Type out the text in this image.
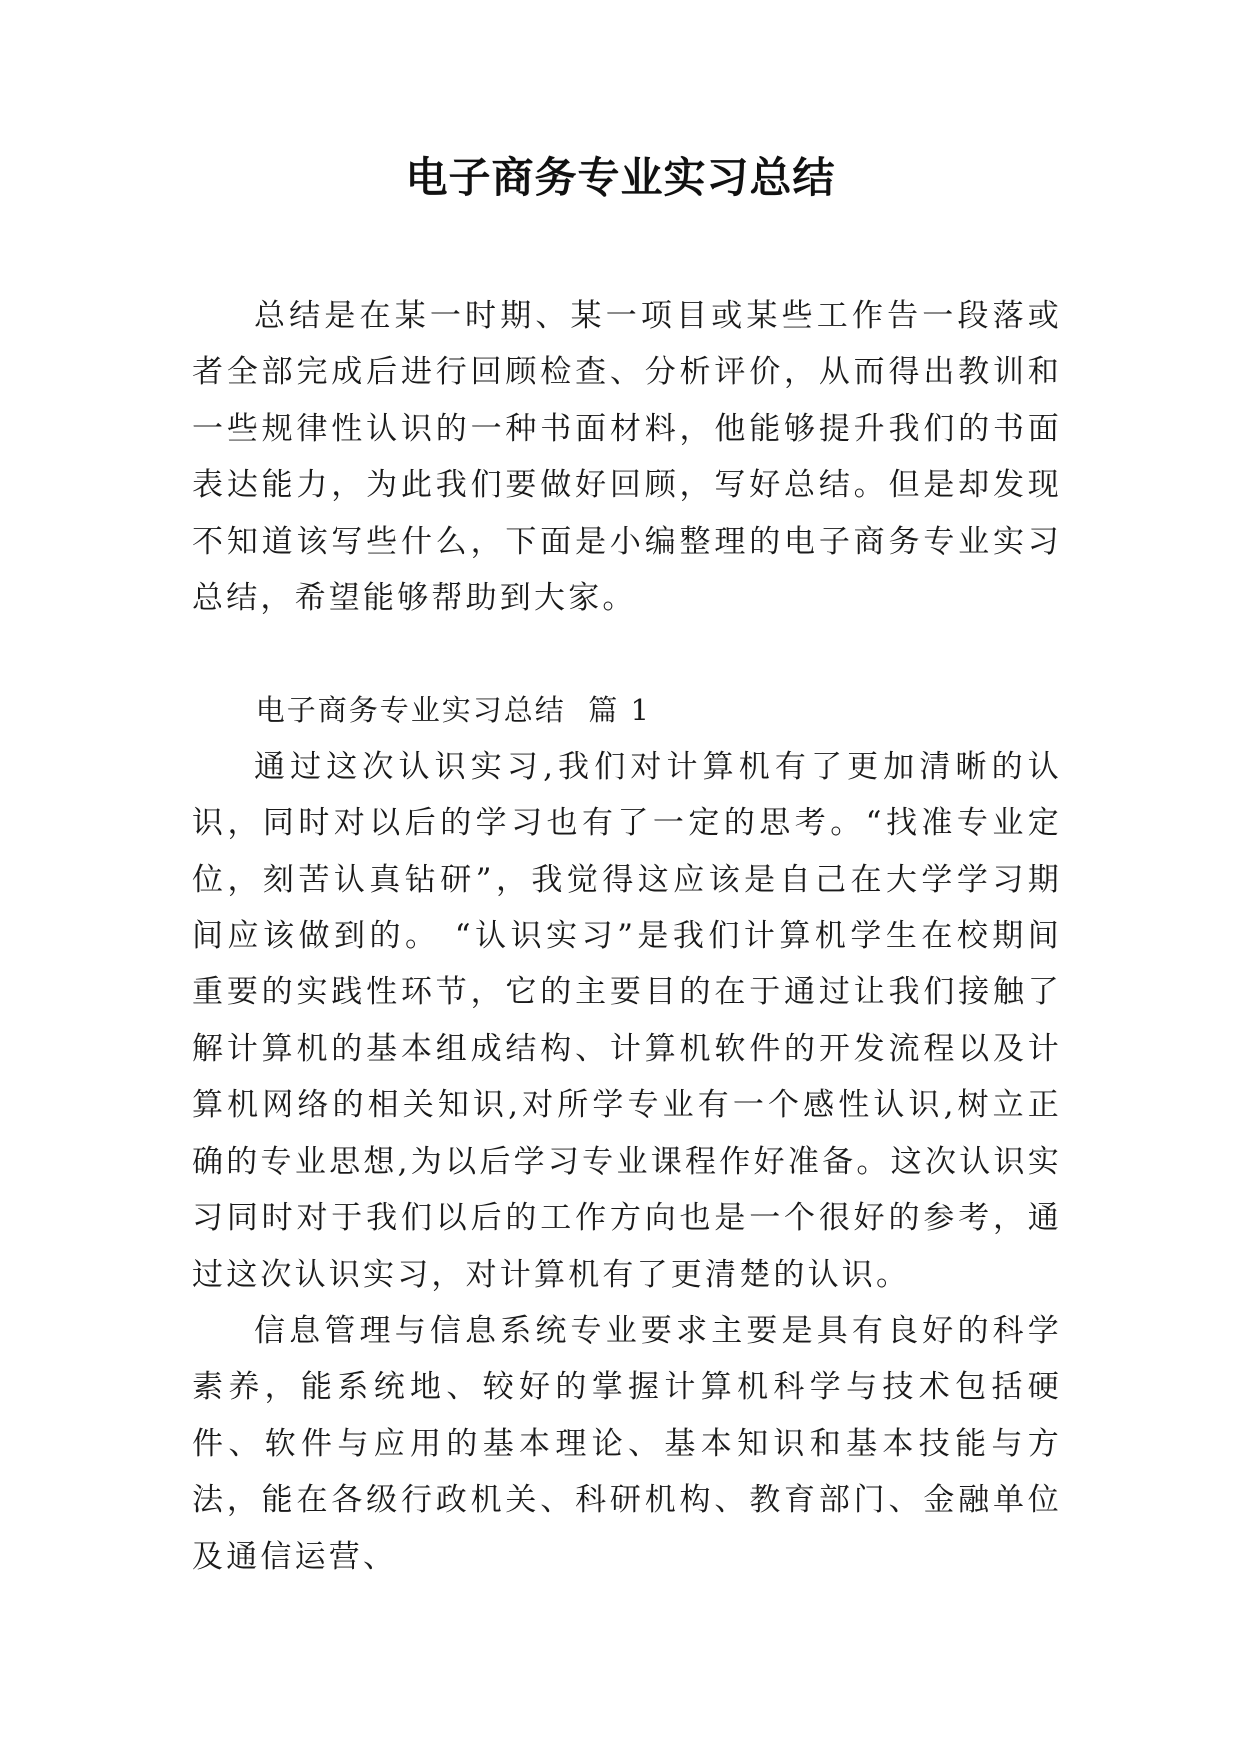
电子商务专业实习总结

总结是在某一时期、某一项目或某些工作告一段落或者全部完成后进行回顾检查、分析评价，从而得出教训和一些规律性认识的一种书面材料，他能够提升我们的书面表达能力，为此我们要做好回顾，写好总结。但是却发现不知道该写些什么，下面是小编整理的电子商务专业实习总结，希望能够帮助到大家。

电子商务专业实习总结  篇 1

通过这次认识实习,我们对计算机有了更加清晰的认识，同时对以后的学习也有了一定的思考。“找准专业定位，刻苦认真钻研”，我觉得这应该是自己在大学学习期间应该做到的。 “认识实习”是我们计算机学生在校期间重要的实践性环节，它的主要目的在于通过让我们接触了解计算机的基本组成结构、计算机软件的开发流程以及计算机网络的相关知识,对所学专业有一个感性认识,树立正确的专业思想,为以后学习专业课程作好准备。这次认识实习同时对于我们以后的工作方向也是一个很好的参考，通过这次认识实习，对计算机有了更清楚的认识。

信息管理与信息系统专业要求主要是具有良好的科学素养，能系统地、较好的掌握计算机科学与技术包括硬件、软件与应用的基本理论、基本知识和基本技能与方法，能在各级行政机关、科研机构、教育部门、金融单位及通信运营、
